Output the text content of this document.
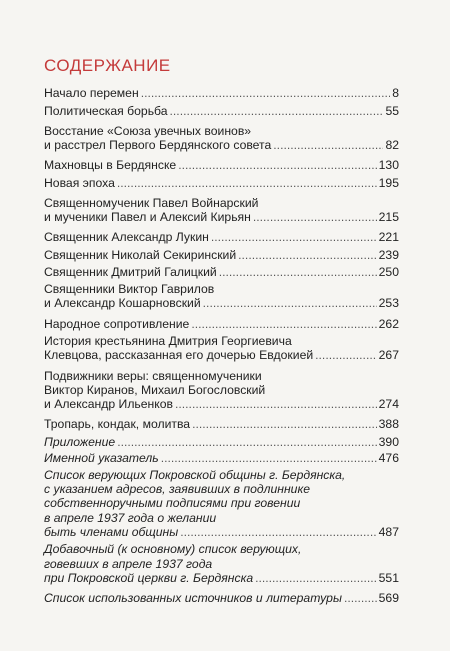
СОДЕРЖАНИЕ
Начало перемен .....	8
Политическая борьба .....	55
Восстание «Союза увечных воинов»
и расстрел Первого Бердянского совета .....	82
Махновцы в Бердянске .....	130
Новая эпоха .....	195
Священномученик Павел Войнарский
и мученики Павел и Алексий Кирьян .....	215
Священник Александр Лукин .....	221
Священник Николай Секиринский .....	239
Священник Дмитрий Галицкий .....	250
Священники Виктор Гаврилов
и Александр Кошарновский .....	253
Народное сопротивление .....	262
История крестьянина Дмитрия Георгиевича
Клевцова, рассказанная его дочерью Евдокией .....	267
Подвижники веры: священномученики
Виктор Киранов, Михаил Богословский
и Александр Ильенков .....	274
Тропарь, кондак, молитва .....	388
Приложение .....	390
Именной указатель .....	476
Список верующих Покровской общины г. Бердянска,
с указанием адресов, заявивших в подлиннике
собственноручными подписями при говении
в апреле 1937 года о желании
быть членами общины .....	487
Добавочный (к основному) список верующих,
говевших в апреле 1937 года
при Покровской церкви г. Бердянска .....	551
Список использованных источников и литературы .....	569
